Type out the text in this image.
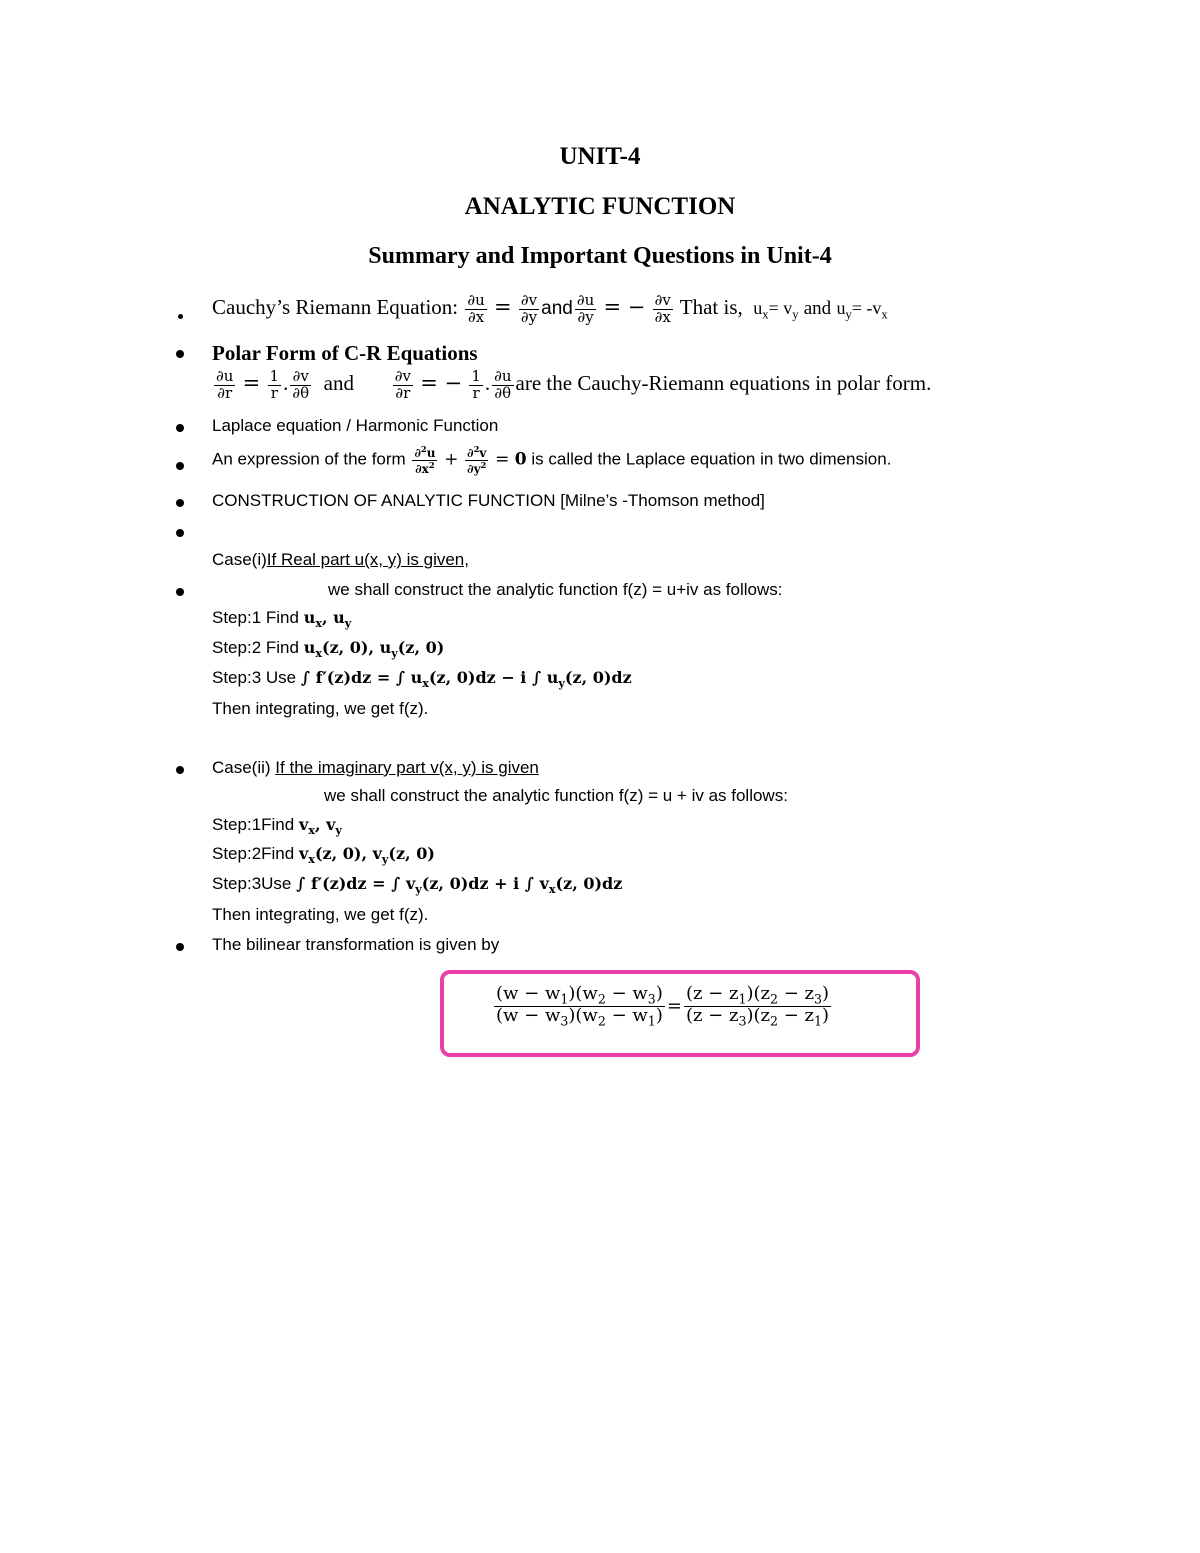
UNIT-4
ANALYTIC FUNCTION
Summary and Important Questions in Unit-4
Cauchy’s Riemann Equation: $\frac{\partial u}{\partial x} = \frac{\partial v}{\partial y}$ and $\frac{\partial u}{\partial y}$ = − $\frac{\partial v}{\partial x}$ That is, $u_x= v_y$ and $u_y= -v_x$
Polar Form of C-R Equations
$\frac{\partial u}{\partial r} = \frac{1}{r}$ . $\frac{\partial v}{\partial\theta}$ and	$\frac{\partial v}{\partial r}$ = − $\frac{1}{r}$ . $\frac{\partial u}{\partial\theta}$ are the Cauchy-Riemann equations in polar form.
Laplace equation / Harmonic Function
An expression of the form $\frac{\partial^2u}{\partial x^2} + \frac{\partial^2v}{\partial y^2} = 0$ is called the Laplace equation in two dimension.
CONSTRUCTION OF ANALYTIC FUNCTION [Milne’s -Thomson method]
Case(i)If Real part u(x, y) is given,
we shall construct the analytic function f(z) = u+iv as follows:
Step:1 Find $u_x$, $u_y$
Step:2 Find $u_x(z$, 0), $u_y(z$, 0)
Step:3 Use ∫ f′(z)dz = ∫ $u_x(z$, 0)dz − i ∫ $u_y(z$, 0)dz
Then integrating, we get f(z).
Case(ii) If the imaginary part v(x, y) is given
we shall construct the analytic function f(z) = u + iv as follows:
Step:1Find $v_x$, $v_y$
Step:2Find $v_x(z$, 0), $v_y(z$, 0)
Step:3Use ∫ f′(z)dz = ∫ $v_y(z$, 0)dz + i ∫ $v_x(z$, 0)dz
Then integrating, we get f(z).
The bilinear transformation is given by
$\frac{(w - w_1)(w_2 - w_3)}{(w - w_3)(w_2 - w_1)} = \frac{(z - z_1)(z_2 - z_3)}{(z - z_3)(z_2 - z_1)}$
